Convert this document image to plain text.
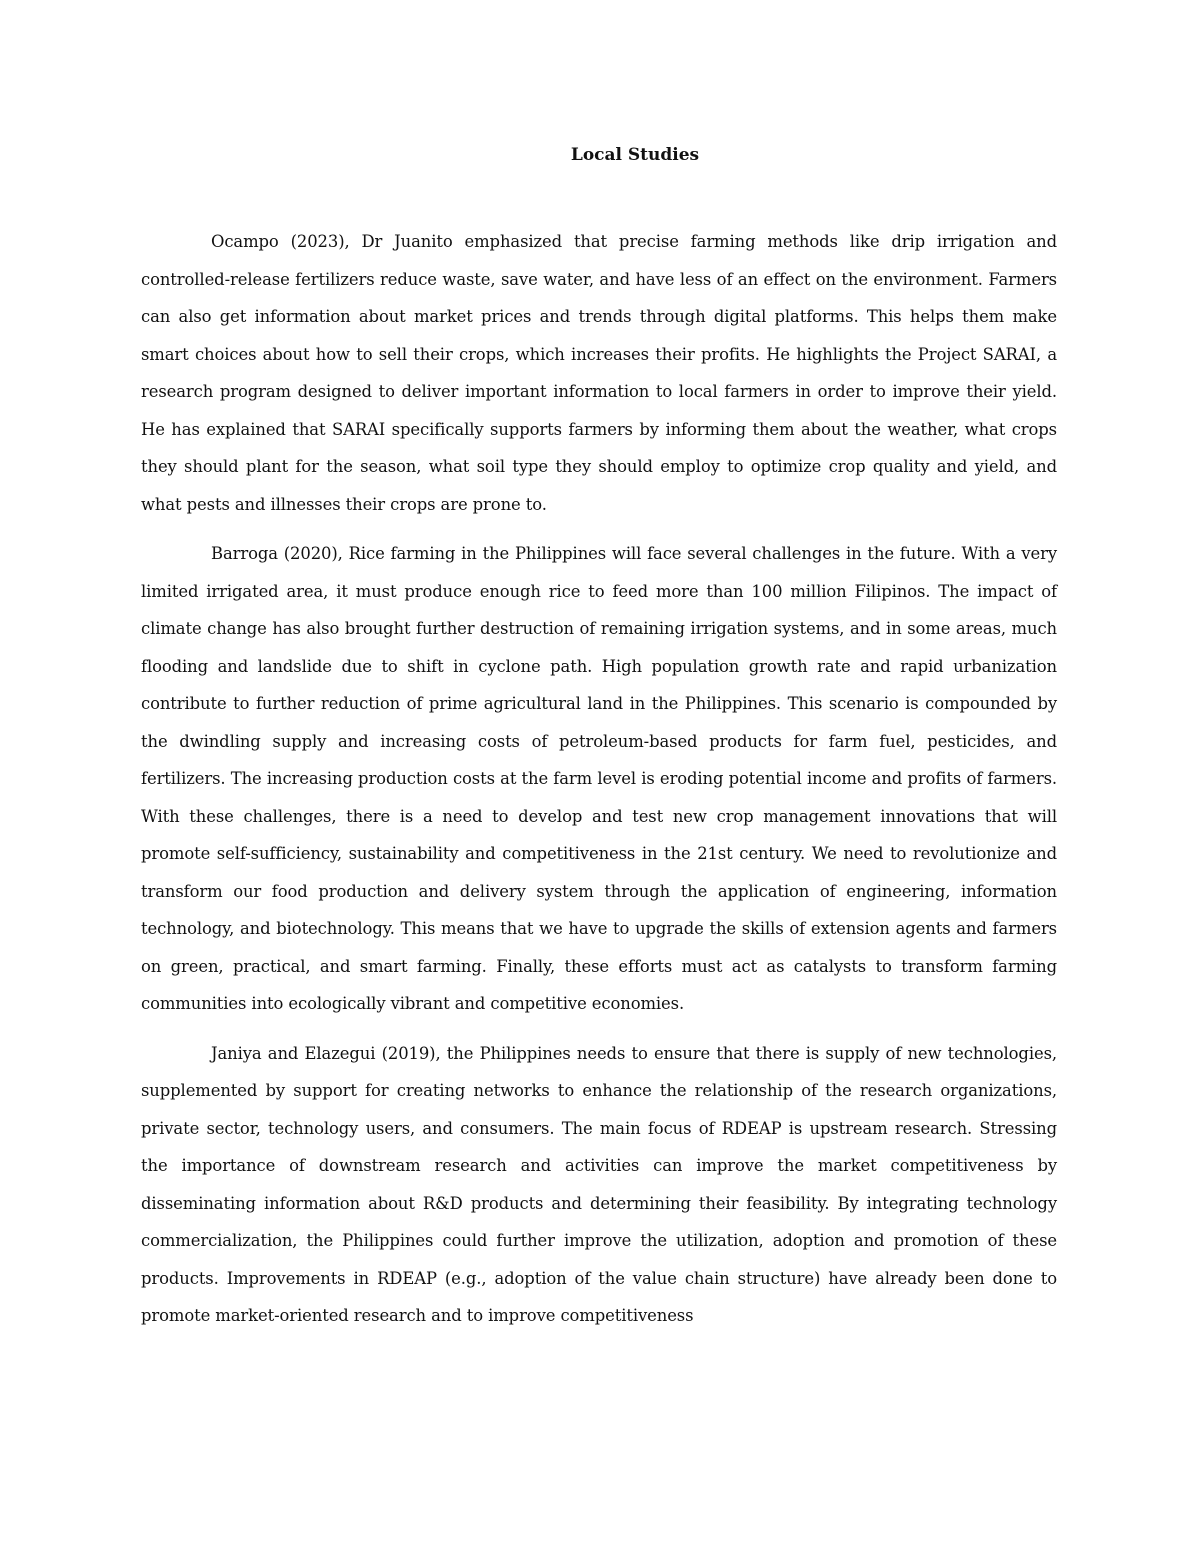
Local Studies

Ocampo (2023), Dr Juanito emphasized that precise farming methods like drip irrigation and controlled-release fertilizers reduce waste, save water, and have less of an effect on the environment. Farmers can also get information about market prices and trends through digital platforms. This helps them make smart choices about how to sell their crops, which increases their profits. He highlights the Project SARAI, a research program designed to deliver important information to local farmers in order to improve their yield. He has explained that SARAI specifically supports farmers by informing them about the weather, what crops they should plant for the season, what soil type they should employ to optimize crop quality and yield, and what pests and illnesses their crops are prone to.

Barroga (2020), Rice farming in the Philippines will face several challenges in the future. With a very limited irrigated area, it must produce enough rice to feed more than 100 million Filipinos. The impact of climate change has also brought further destruction of remaining irrigation systems, and in some areas, much flooding and landslide due to shift in cyclone path. High population growth rate and rapid urbanization contribute to further reduction of prime agricultural land in the Philippines. This scenario is compounded by the dwindling supply and increasing costs of petroleum-based products for farm fuel, pesticides, and fertilizers. The increasing production costs at the farm level is eroding potential income and profits of farmers. With these challenges, there is a need to develop and test new crop management innovations that will promote self-sufficiency, sustainability and competitiveness in the 21st century. We need to revolutionize and transform our food production and delivery system through the application of engineering, information technology, and biotechnology. This means that we have to upgrade the skills of extension agents and farmers on green, practical, and smart farming. Finally, these efforts must act as catalysts to transform farming communities into ecologically vibrant and competitive economies.

Janiya and Elazegui (2019), the Philippines needs to ensure that there is supply of new technologies, supplemented by support for creating networks to enhance the relationship of the research organizations, private sector, technology users, and consumers. The main focus of RDEAP is upstream research. Stressing the importance of downstream research and activities can improve the market competitiveness by disseminating information about R&D products and determining their feasibility. By integrating technology commercialization, the Philippines could further improve the utilization, adoption and promotion of these products. Improvements in RDEAP (e.g., adoption of the value chain structure) have already been done to promote market-oriented research and to improve competitiveness
